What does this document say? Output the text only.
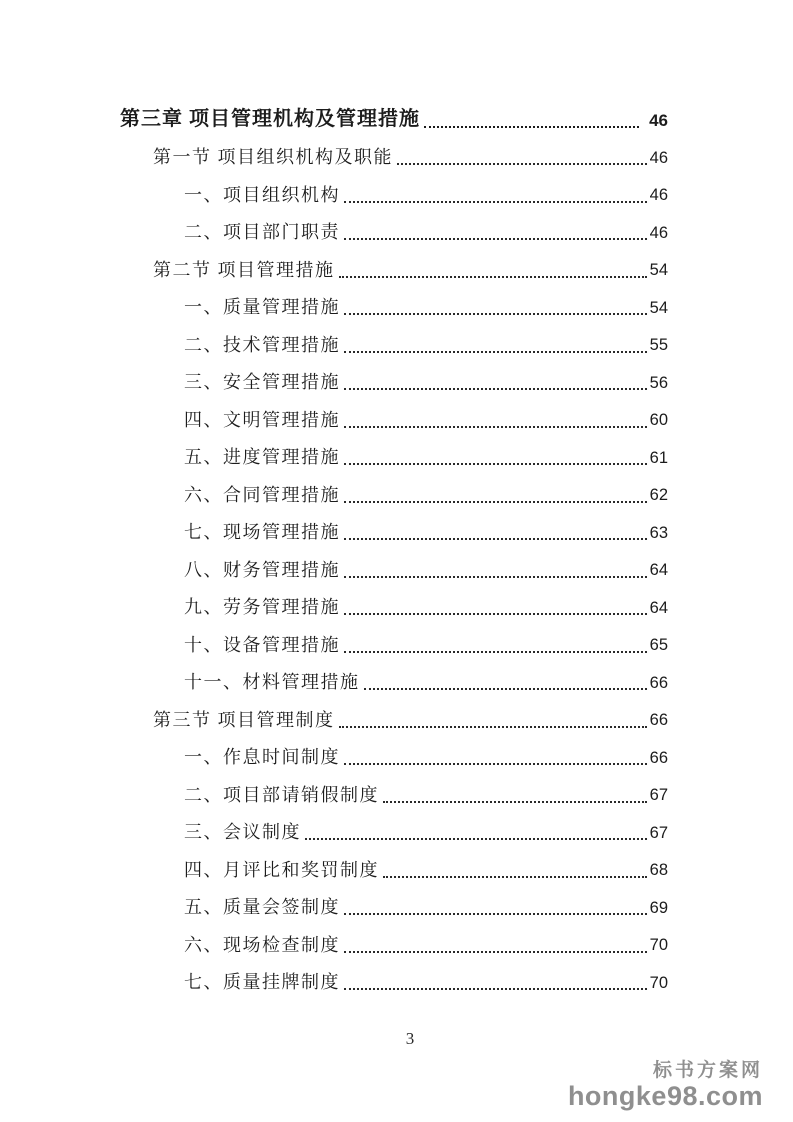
第三章 项目管理机构及管理措施	46
第一节 项目组织机构及职能	46
一、项目组织机构	46
二、项目部门职责	46
第二节 项目管理措施	54
一、质量管理措施	54
二、技术管理措施	55
三、安全管理措施	56
四、文明管理措施	60
五、进度管理措施	61
六、合同管理措施	62
七、现场管理措施	63
八、财务管理措施	64
九、劳务管理措施	64
十、设备管理措施	65
十一、材料管理措施	66
第三节 项目管理制度	66
一、作息时间制度	66
二、项目部请销假制度	67
三、会议制度	67
四、月评比和奖罚制度	68
五、质量会签制度	69
六、现场检查制度	70
七、质量挂牌制度	70
3
标书方案网
hongke98.com
